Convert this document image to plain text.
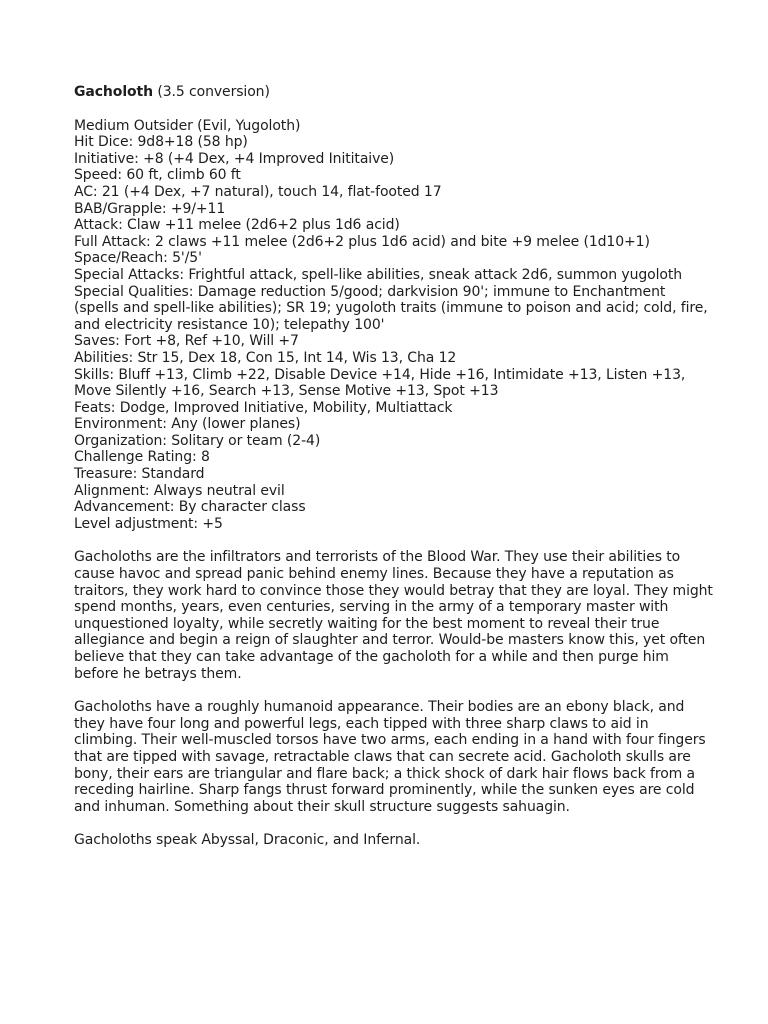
Gacholoth (3.5 conversion)

Medium Outsider (Evil, Yugoloth)
Hit Dice: 9d8+18 (58 hp)
Initiative: +8 (+4 Dex, +4 Improved Inititaive)
Speed: 60 ft, climb 60 ft
AC: 21 (+4 Dex, +7 natural), touch 14, flat-footed 17
BAB/Grapple: +9/+11
Attack: Claw +11 melee (2d6+2 plus 1d6 acid)
Full Attack: 2 claws +11 melee (2d6+2 plus 1d6 acid) and bite +9 melee (1d10+1)
Space/Reach: 5'/5'
Special Attacks: Frightful attack, spell-like abilities, sneak attack 2d6, summon yugoloth
Special Qualities: Damage reduction 5/good; darkvision 90'; immune to Enchantment (spells and spell-like abilities); SR 19; yugoloth traits (immune to poison and acid; cold, fire, and electricity resistance 10); telepathy 100'
Saves: Fort +8, Ref +10, Will +7
Abilities: Str 15, Dex 18, Con 15, Int 14, Wis 13, Cha 12
Skills: Bluff +13, Climb +22, Disable Device +14, Hide +16, Intimidate +13, Listen +13, Move Silently +16, Search +13, Sense Motive +13, Spot +13
Feats: Dodge, Improved Initiative, Mobility, Multiattack
Environment: Any (lower planes)
Organization: Solitary or team (2-4)
Challenge Rating: 8
Treasure: Standard
Alignment: Always neutral evil
Advancement: By character class
Level adjustment: +5

Gacholoths are the infiltrators and terrorists of the Blood War. They use their abilities to cause havoc and spread panic behind enemy lines. Because they have a reputation as traitors, they work hard to convince those they would betray that they are loyal. They might spend months, years, even centuries, serving in the army of a temporary master with unquestioned loyalty, while secretly waiting for the best moment to reveal their true allegiance and begin a reign of slaughter and terror. Would-be masters know this, yet often believe that they can take advantage of the gacholoth for a while and then purge him before he betrays them.

Gacholoths have a roughly humanoid appearance. Their bodies are an ebony black, and they have four long and powerful legs, each tipped with three sharp claws to aid in climbing. Their well-muscled torsos have two arms, each ending in a hand with four fingers that are tipped with savage, retractable claws that can secrete acid. Gacholoth skulls are bony, their ears are triangular and flare back; a thick shock of dark hair flows back from a receding hairline. Sharp fangs thrust forward prominently, while the sunken eyes are cold and inhuman. Something about their skull structure suggests sahuagin.

Gacholoths speak Abyssal, Draconic, and Infernal.
